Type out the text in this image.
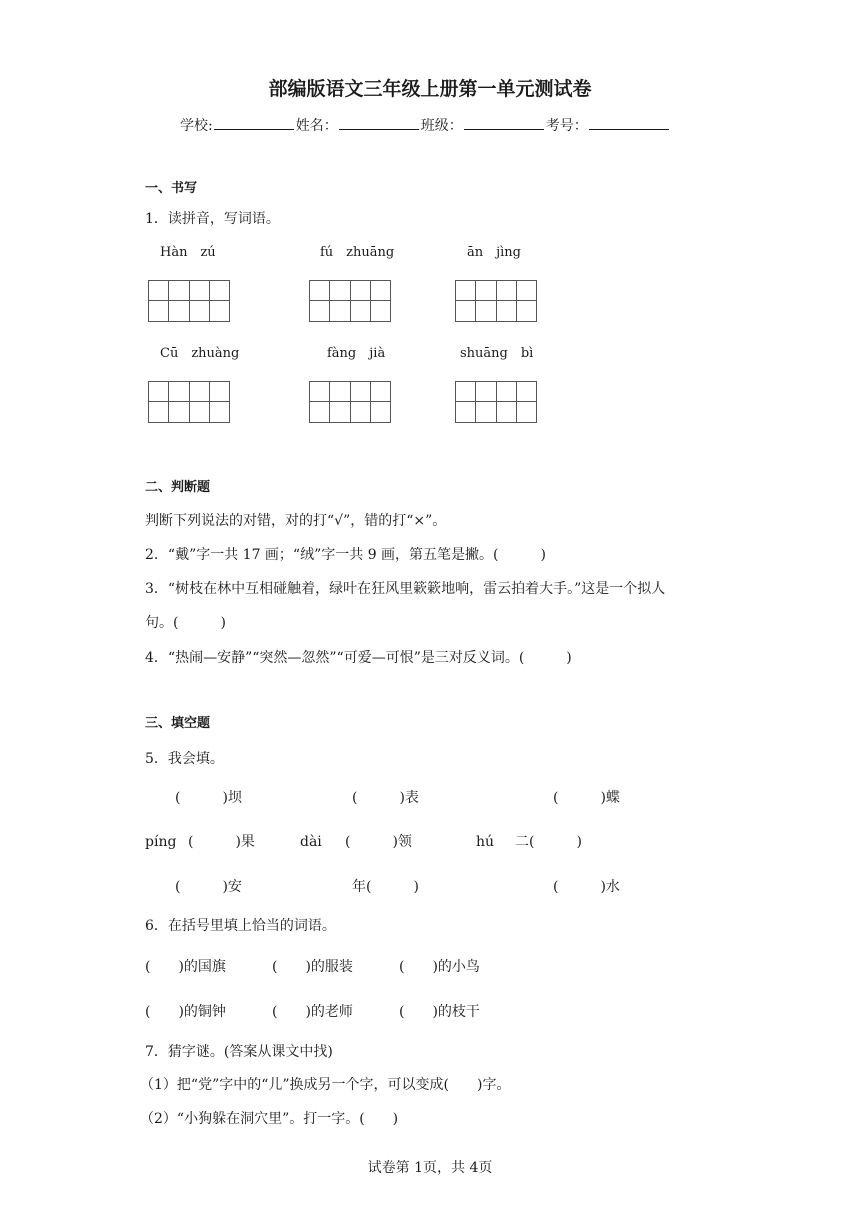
部编版语文三年级上册第一单元测试卷
学校:	姓名：	班级：	考号：
一、书写
1．读拼音，写词语。
Hàn　zú	fú　zhuāng	ān　jìng
Cū　zhuàng	fàng　jià	shuāng　bì
二、判断题
判断下列说法的对错，对的打“√”，错的打“×”。
2．“戴”字一共 17 画；“绒”字一共 9 画，第五笔是撇。(　　　)
3．“树枝在林中互相碰触着，绿叶在狂风里簌簌地响，雷云拍着大手。”这是一个拟人
句。(　　　)
4．“热闹—安静”“突然—忽然”“可爱—可恨”是三对反义词。(　　　)
三、填空题
5．我会填。
(　　　)坝	(　　　)表	(　　　)蝶
píng (　　　)果	dài (　　　)领	hú 二(　　　)
(　　　)安	年(　　　)	(　　　)水
6．在括号里填上恰当的词语。
(　　)的国旗	(　　)的服装	(　　)的小鸟
(　　)的铜钟	(　　)的老师	(　　)的枝干
7．猜字谜。(答案从课文中找)
（1）把“党”字中的“儿”换成另一个字，可以变成(　　)字。
（2）“小狗躲在洞穴里”。打一字。(　　)
试卷第 1页，共 4页
